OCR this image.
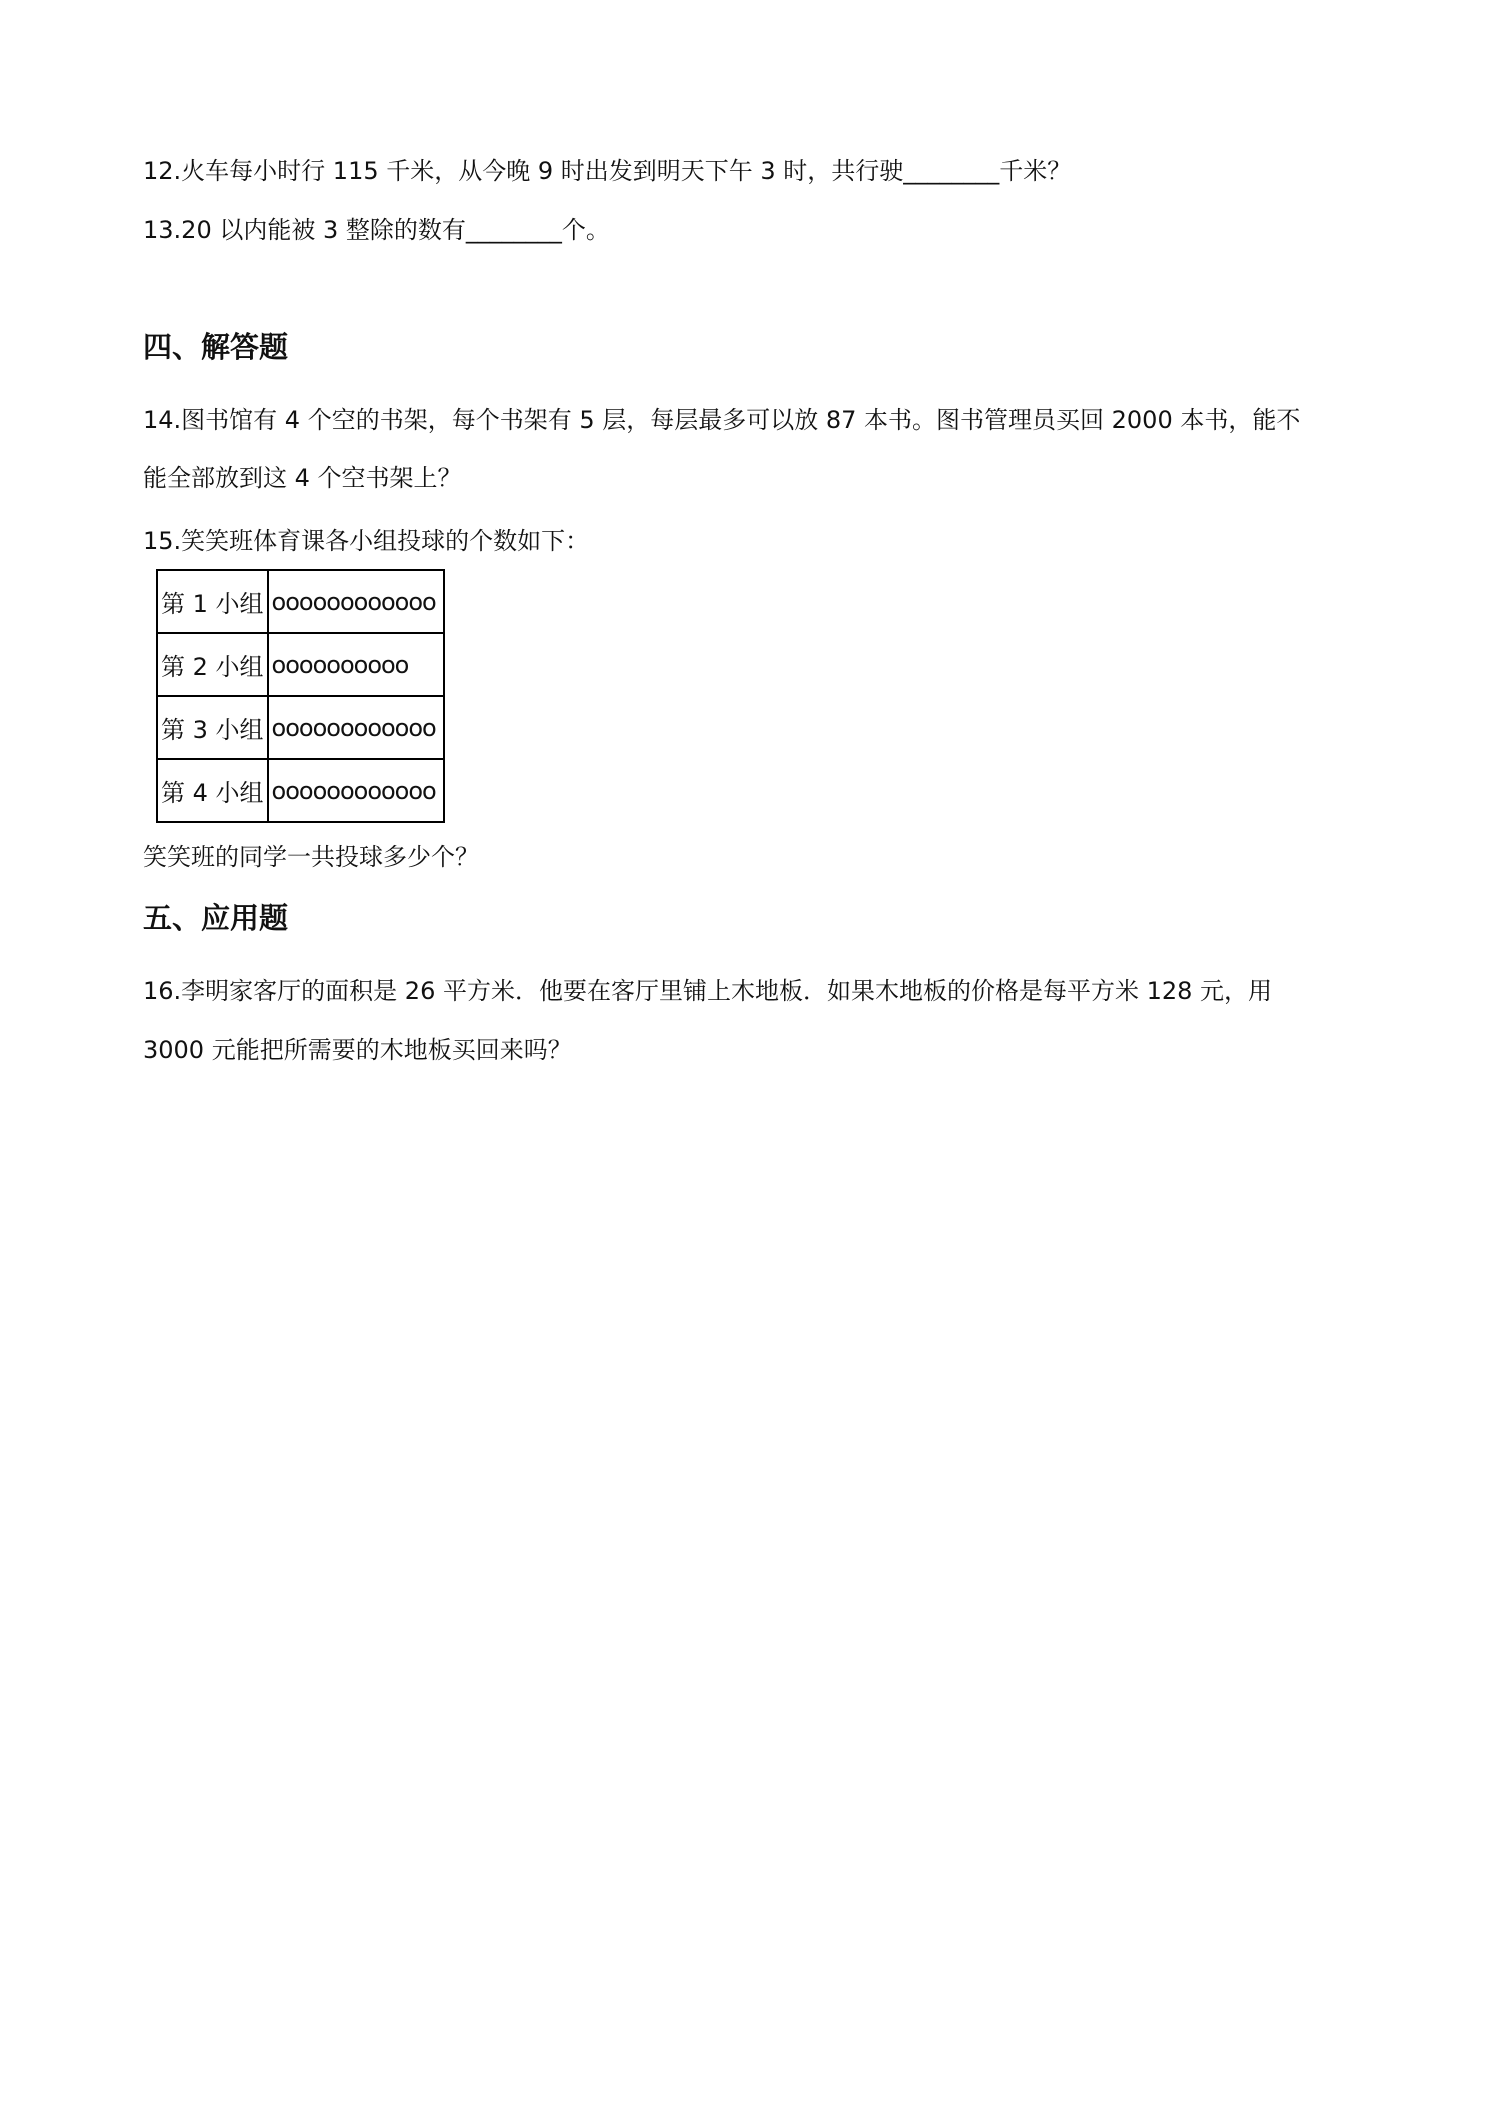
12.火车每小时行 115 千米，从今晚 9 时出发到明天下午 3 时，共行驶________千米？
13.20 以内能被 3 整除的数有________个。
四、解答题
14.图书馆有 4 个空的书架，每个书架有 5 层，每层最多可以放 87 本书。图书管理员买回 2000 本书，能不
能全部放到这 4 个空书架上？
15.笑笑班体育课各小组投球的个数如下：
第 1 小组	oooooooooooo
第 2 小组	oooooooooo
第 3 小组	oooooooooooo
第 4 小组	oooooooooooo
笑笑班的同学一共投球多少个？
五、应用题
16.李明家客厅的面积是 26 平方米．他要在客厅里铺上木地板．如果木地板的价格是每平方米 128 元，用
3000 元能把所需要的木地板买回来吗？
